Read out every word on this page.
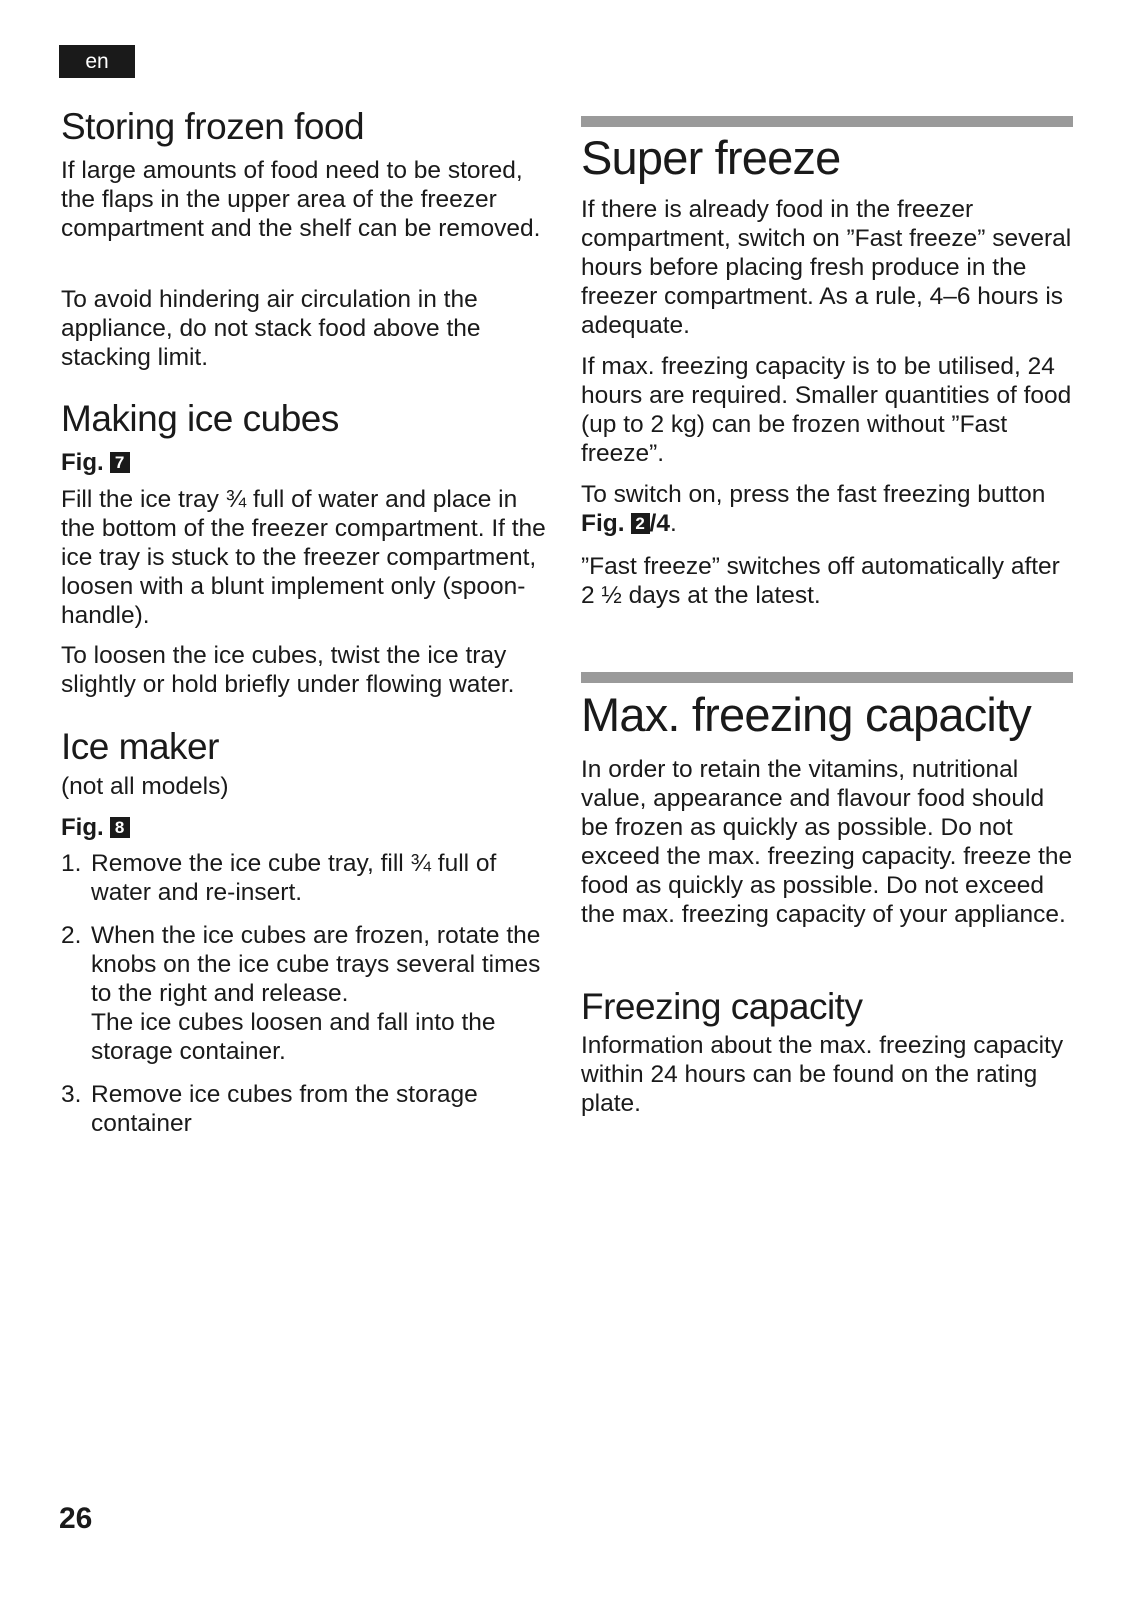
en
Storing frozen food

If large amounts of food need to be stored, the flaps in the upper area of the freezer compartment and the shelf can be removed.

To avoid hindering air circulation in the appliance, do not stack food above the stacking limit.

Making ice cubes
Fig. 7

Fill the ice tray ¾ full of water and place in the bottom of the freezer compartment. If the ice tray is stuck to the freezer compartment, loosen with a blunt implement only (spoon-handle).

To loosen the ice cubes, twist the ice tray slightly or hold briefly under flowing water.

Ice maker

(not all models)

Fig. 8
1. Remove the ice cube tray, fill ¾ full of water and re-insert.
2. When the ice cubes are frozen, rotate the knobs on the ice cube trays several times to the right and release.
The ice cubes loosen and fall into the storage container.
3. Remove ice cubes from the storage container
Super freeze

If there is already food in the freezer compartment, switch on ”Fast freeze” several hours before placing fresh produce in the freezer compartment. As a rule, 4–6 hours is adequate.

If max. freezing capacity is to be utilised, 24 hours are required. Smaller quantities of food (up to 2 kg) can be frozen without ”Fast freeze”.

To switch on, press the fast freezing button Fig. 2 /4.

”Fast freeze” switches off automatically after 2 ½ days at the latest.

Max. freezing capacity

In order to retain the vitamins, nutritional value, appearance and flavour food should be frozen as quickly as possible. Do not exceed the max. freezing capacity. freeze the food as quickly as possible. Do not exceed the max. freezing capacity of your appliance.

Freezing capacity

Information about the max. freezing capacity within 24 hours can be found on the rating plate.

26
